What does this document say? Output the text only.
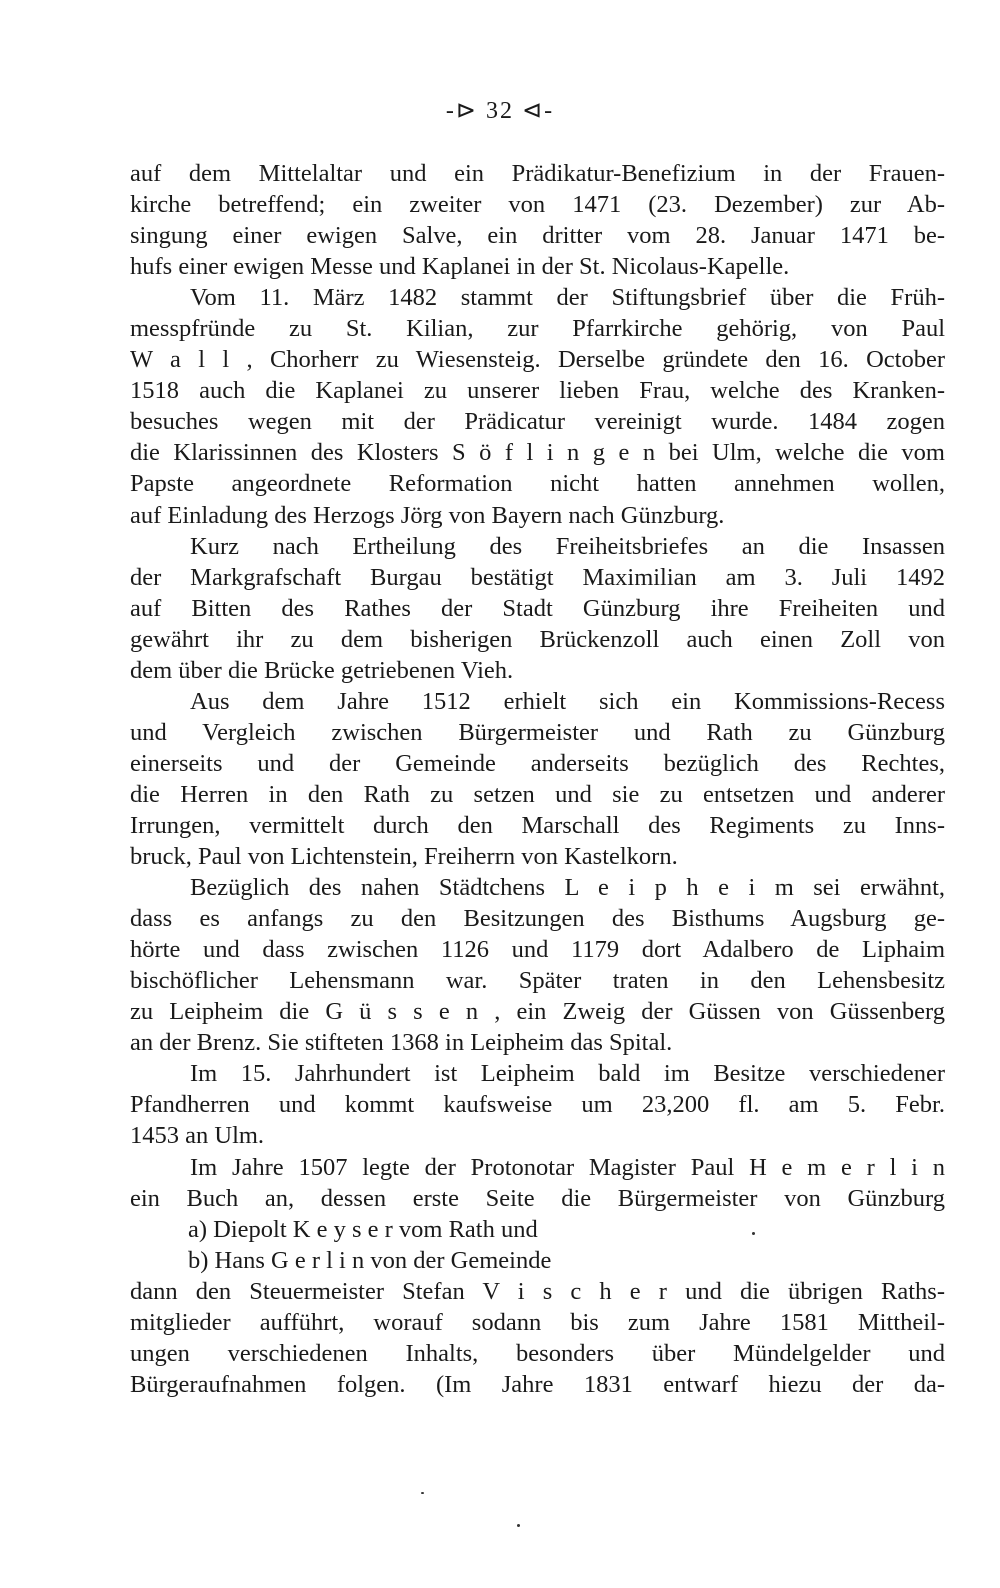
-⊳ 32 ⊲-
auf dem Mittelaltar und ein Prädikatur-Benefizium in der Frauen-
kirche betreffend; ein zweiter von 1471 (23. Dezember) zur Ab-
singung einer ewigen Salve, ein dritter vom 28. Januar 1471 be-
hufs einer ewigen Messe und Kaplanei in der St. Nicolaus-Kapelle.
Vom 11. März 1482 stammt der Stiftungsbrief über die Früh-
messpfründe zu St. Kilian, zur Pfarrkirche gehörig, von Paul
W a l l , Chorherr zu Wiesensteig. Derselbe gründete den 16. October
1518 auch die Kaplanei zu unserer lieben Frau, welche des Kranken-
besuches wegen mit der Prädicatur vereinigt wurde. 1484 zogen
die Klarissinnen des Klosters S ö f l i n g e n bei Ulm, welche die vom
Papste angeordnete Reformation nicht hatten annehmen wollen,
auf Einladung des Herzogs Jörg von Bayern nach Günzburg.
Kurz nach Ertheilung des Freiheitsbriefes an die Insassen
der Markgrafschaft Burgau bestätigt Maximilian am 3. Juli 1492
auf Bitten des Rathes der Stadt Günzburg ihre Freiheiten und
gewährt ihr zu dem bisherigen Brückenzoll auch einen Zoll von
dem über die Brücke getriebenen Vieh.
Aus dem Jahre 1512 erhielt sich ein Kommissions-Recess
und Vergleich zwischen Bürgermeister und Rath zu Günzburg
einerseits und der Gemeinde anderseits bezüglich des Rechtes,
die Herren in den Rath zu setzen und sie zu entsetzen und anderer
Irrungen, vermittelt durch den Marschall des Regiments zu Inns-
bruck, Paul von Lichtenstein, Freiherrn von Kastelkorn.
Bezüglich des nahen Städtchens L e i p h e i m sei erwähnt,
dass es anfangs zu den Besitzungen des Bisthums Augsburg ge-
hörte und dass zwischen 1126 und 1179 dort Adalbero de Liphaim
bischöflicher Lehensmann war. Später traten in den Lehensbesitz
zu Leipheim die G ü s s e n , ein Zweig der Güssen von Güssenberg
an der Brenz. Sie stifteten 1368 in Leipheim das Spital.
Im 15. Jahrhundert ist Leipheim bald im Besitze verschiedener
Pfandherren und kommt kaufsweise um 23,200 fl. am 5. Febr.
1453 an Ulm.
Im Jahre 1507 legte der Protonotar Magister Paul H e m e r l i n
ein Buch an, dessen erste Seite die Bürgermeister von Günzburg
a) Diepolt K e y s e r vom Rath und
b) Hans G e r l i n von der Gemeinde
dann den Steuermeister Stefan V i s c h e r und die übrigen Raths-
mitglieder aufführt, worauf sodann bis zum Jahre 1581 Mittheil-
ungen verschiedenen Inhalts, besonders über Mündelgelder und
Bürgeraufnahmen folgen. (Im Jahre 1831 entwarf hiezu der da-
